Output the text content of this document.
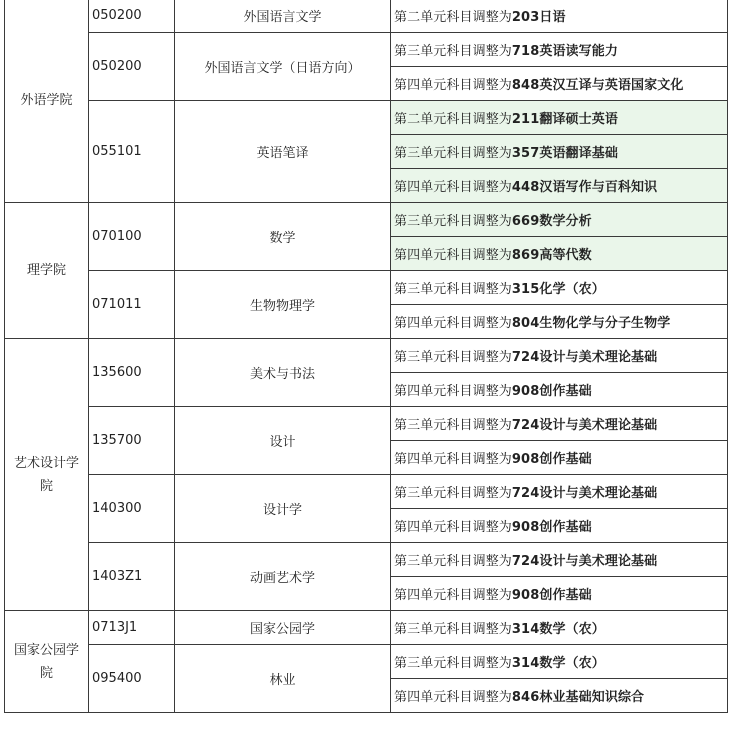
外语学院	050200	外国语言文学	第二单元科目调整为203日语
	050200	外国语言文学（日语方向）	第三单元科目调整为718英语读写能力
			第四单元科目调整为848英汉互译与英语国家文化
	055101	英语笔译	第二单元科目调整为211翻译硕士英语
			第三单元科目调整为357英语翻译基础
			第四单元科目调整为448汉语写作与百科知识
理学院	070100	数学	第三单元科目调整为669数学分析
			第四单元科目调整为869高等代数
	071011	生物物理学	第三单元科目调整为315化学（农）
			第四单元科目调整为804生物化学与分子生物学
艺术设计学院	135600	美术与书法	第三单元科目调整为724设计与美术理论基础
			第四单元科目调整为908创作基础
	135700	设计	第三单元科目调整为724设计与美术理论基础
			第四单元科目调整为908创作基础
	140300	设计学	第三单元科目调整为724设计与美术理论基础
			第四单元科目调整为908创作基础
	1403Z1	动画艺术学	第三单元科目调整为724设计与美术理论基础
			第四单元科目调整为908创作基础
国家公园学院	0713J1	国家公园学	第三单元科目调整为314数学（农）
	095400	林业	第三单元科目调整为314数学（农）
			第四单元科目调整为846林业基础知识综合
